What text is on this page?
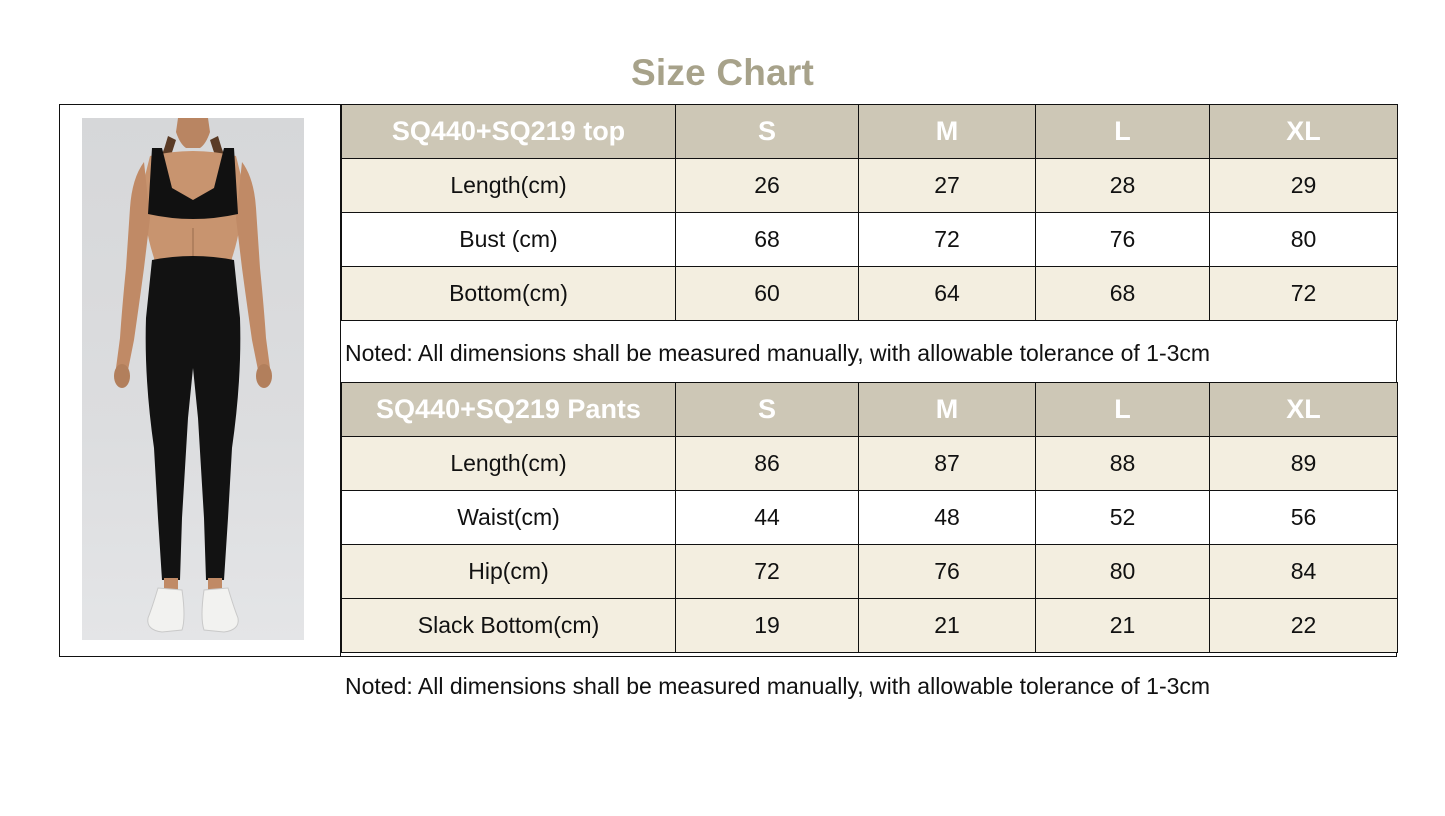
Size Chart
SQ440+SQ219 top	S	M	L	XL
Length(cm)	26	27	28	29
Bust (cm)	68	72	76	80
Bottom(cm)	60	64	68	72
Noted: All dimensions shall be measured manually, with allowable tolerance of 1-3cm
SQ440+SQ219 Pants	S	M	L	XL
Length(cm)	86	87	88	89
Waist(cm)	44	48	52	56
Hip(cm)	72	76	80	84
Slack Bottom(cm)	19	21	21	22
Noted: All dimensions shall be measured manually, with allowable tolerance of 1-3cm
